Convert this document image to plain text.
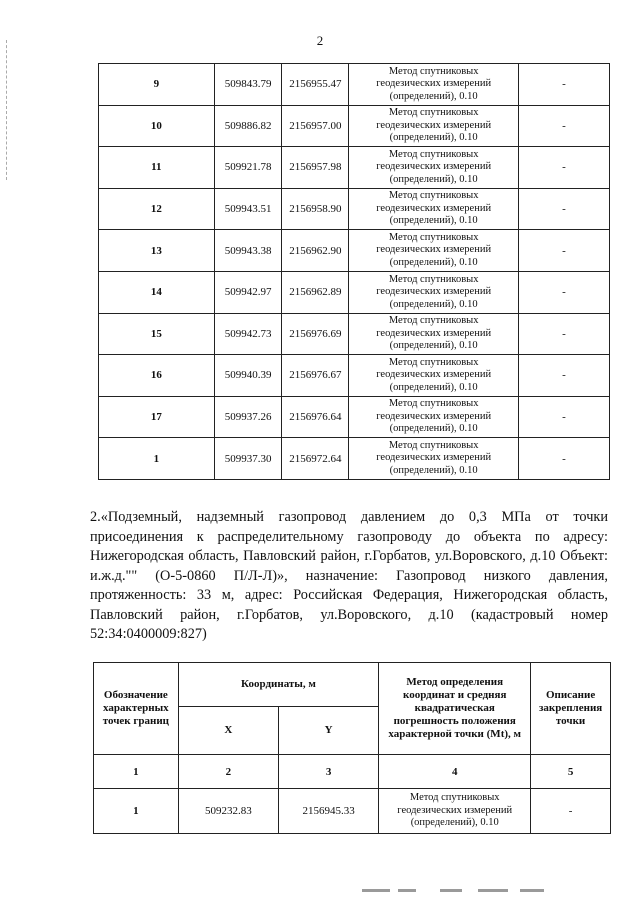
2
9	509843.79	2156955.47	Метод спутниковых
геодезических измерений
(определений), 0.10	-
10	509886.82	2156957.00	Метод спутниковых
геодезических измерений
(определений), 0.10	-
11	509921.78	2156957.98	Метод спутниковых
геодезических измерений
(определений), 0.10	-
12	509943.51	2156958.90	Метод спутниковых
геодезических измерений
(определений), 0.10	-
13	509943.38	2156962.90	Метод спутниковых
геодезических измерений
(определений), 0.10	-
14	509942.97	2156962.89	Метод спутниковых
геодезических измерений
(определений), 0.10	-
15	509942.73	2156976.69	Метод спутниковых
геодезических измерений
(определений), 0.10	-
16	509940.39	2156976.67	Метод спутниковых
геодезических измерений
(определений), 0.10	-
17	509937.26	2156976.64	Метод спутниковых
геодезических измерений
(определений), 0.10	-
1	509937.30	2156972.64	Метод спутниковых
геодезических измерений
(определений), 0.10	-
2.«Подземный, надземный газопровод давлением до 0,3 МПа от точки присоединения к распределительному газопроводу до объекта по адресу: Нижегородская область, Павловский район, г.Горбатов, ул.Воровского, д.10 Объект: и.ж.д."" (О-5-0860 П/Л-Л)», назначение: Газопровод низкого давления, протяженность: 33 м, адрес: Российская Федерация, Нижегородская область, Павловский район, г.Горбатов, ул.Воровского, д.10 (кадастровый номер 52:34:0400009:827)
Обозначение
характерных
точек границ	Координаты, м		Метод определения
координат и средняя
квадратическая
погрешность положения
характерной точки (Mt), м	Описание
закрепления
точки
	X	Y		
1	2	3	4	5
1	509232.83	2156945.33	Метод спутниковых
геодезических измерений
(определений), 0.10	-
